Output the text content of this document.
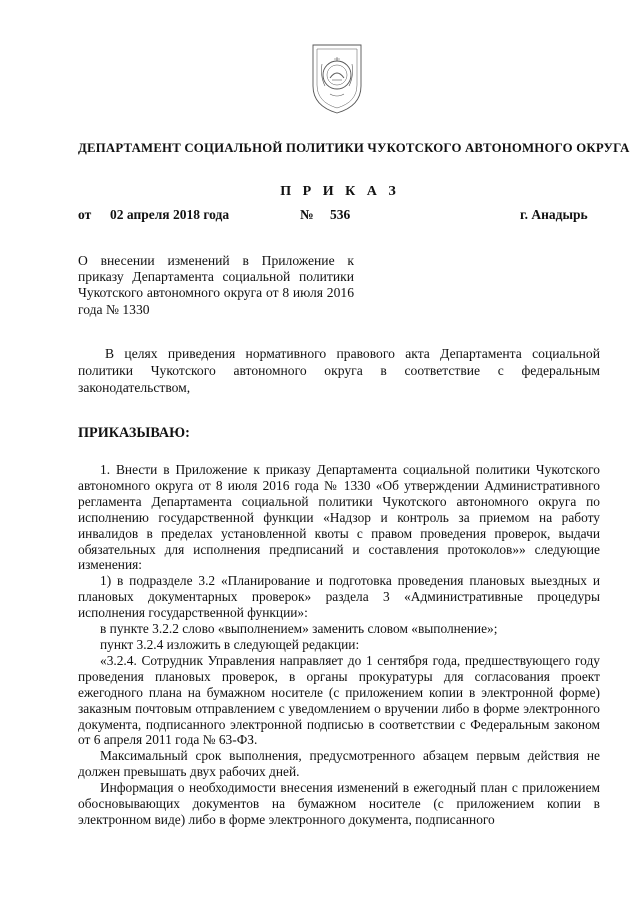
ДЕПАРТАМЕНТ СОЦИАЛЬНОЙ ПОЛИТИКИ ЧУКОТСКОГО АВТОНОМНОГО ОКРУГА
П Р И К А З
от 02 апреля 2018 года	№ 536	г. Анадырь
О внесении изменений в Приложение к приказу Департамента социальной политики Чукотского автономного округа от 8 июля 2016 года № 1330
В целях приведения нормативного правового акта Департамента социальной политики Чукотского автономного округа в соответствие с федеральным законодательством,
ПРИКАЗЫВАЮ:

1. Внести в Приложение к приказу Департамента социальной политики Чукотского автономного округа от 8 июля 2016 года № 1330 «Об утверждении Административного регламента Департамента социальной политики Чукотского автономного округа по исполнению государственной функции «Надзор и контроль за приемом на работу инвалидов в пределах установленной квоты с правом проведения проверок, выдачи обязательных для исполнения предписаний и составления протоколов»» следующие изменения:

1) в подразделе 3.2 «Планирование и подготовка проведения плановых выездных и плановых документарных проверок» раздела 3 «Административные процедуры исполнения государственной функции»:

в пункте 3.2.2 слово «выполнением» заменить словом «выполнение»;

пункт 3.2.4 изложить в следующей редакции:

«3.2.4. Сотрудник Управления направляет до 1 сентября года, предшествующего году проведения плановых проверок, в органы прокуратуры для согласования проект ежегодного плана на бумажном носителе (с приложением копии в электронной форме) заказным почтовым отправлением с уведомлением о вручении либо в форме электронного документа, подписанного электронной подписью в соответствии с Федеральным законом от 6 апреля 2011 года № 63-ФЗ.

Максимальный срок выполнения, предусмотренного абзацем первым действия не должен превышать двух рабочих дней.

Информация о необходимости внесения изменений в ежегодный план с приложением обосновывающих документов на бумажном носителе (с приложением копии в электронном виде) либо в форме электронного документа, подписанного
